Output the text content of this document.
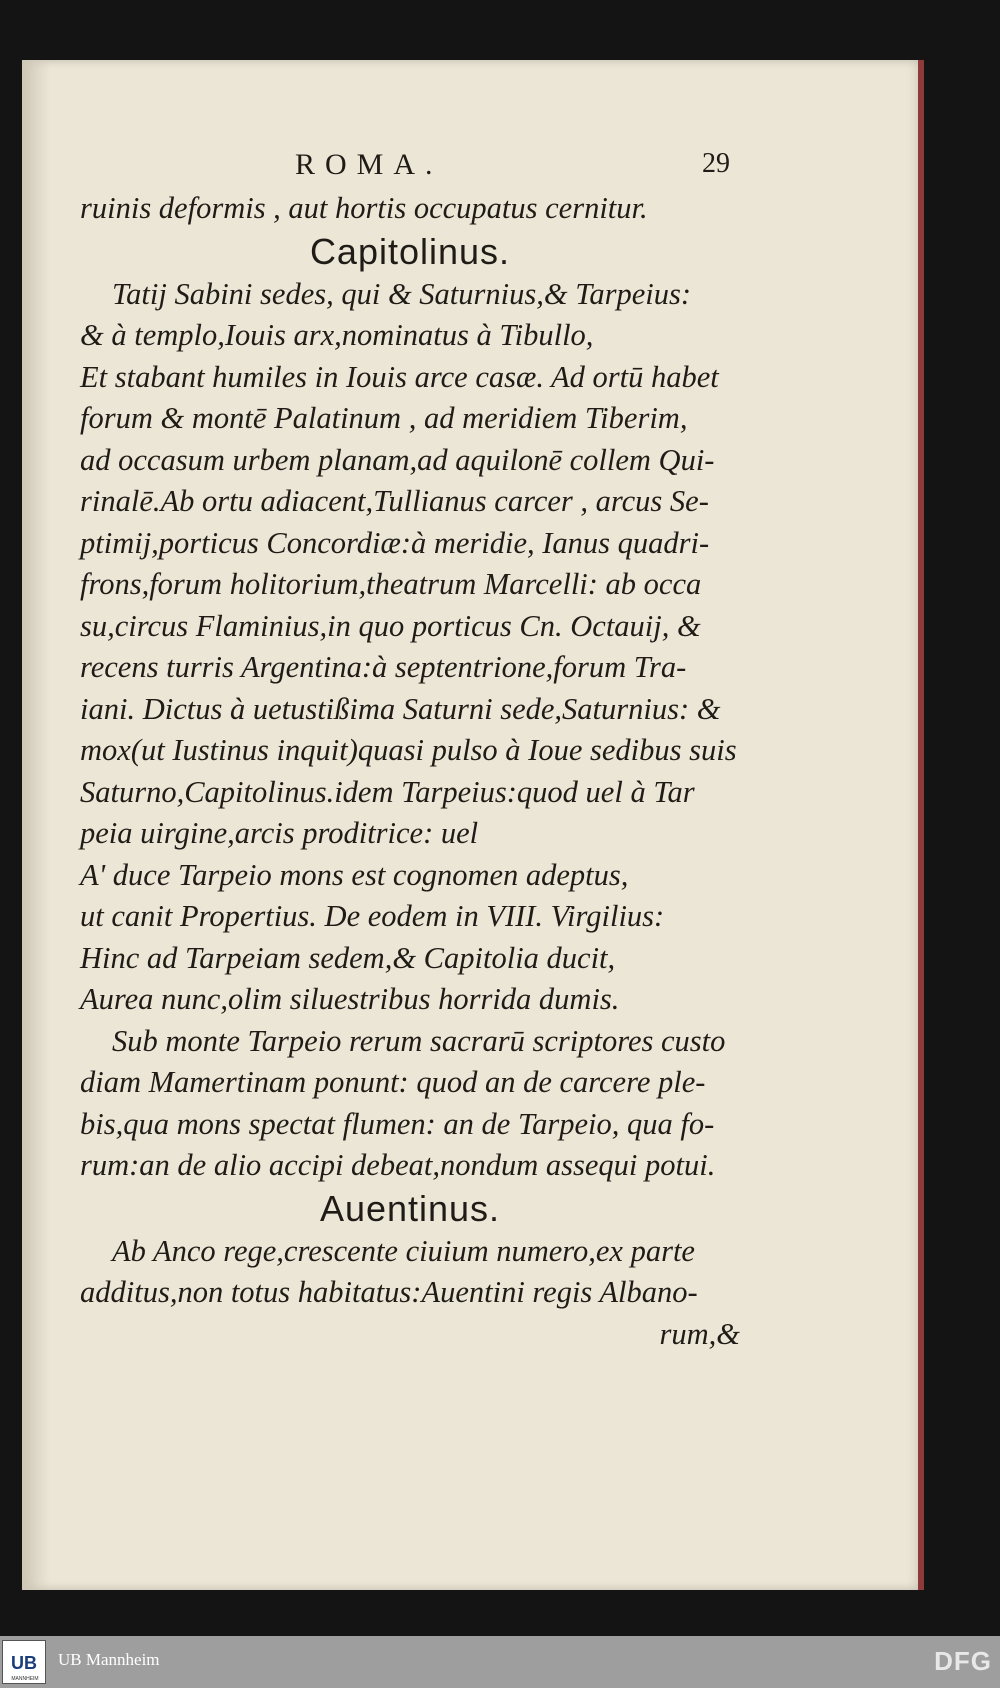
ROMA.	29
ruinis deformis , aut hortis occupatus cernitur.
Capitolinus.
Tatij Sabini sedes, qui & Saturnius,& Tarpeius:
& à templo,Iouis arx,nominatus à Tibullo,
Et stabant humiles in Iouis arce casæ. Ad ortū habet
forum & montē Palatinum , ad meridiem Tiberim,
ad occasum urbem planam,ad aquilonē collem Qui-
rinalē.Ab ortu adiacent,Tullianus carcer , arcus Se-
ptimij,porticus Concordiæ:à meridie, Ianus quadri-
frons,forum holitorium,theatrum Marcelli: ab occa
su,circus Flaminius,in quo porticus Cn. Octauij, &
recens turris Argentina:à septentrione,forum Tra-
iani. Dictus à uetustißima Saturni sede,Saturnius: &
mox(ut Iustinus inquit)quasi pulso à Ioue sedibus suis
Saturno,Capitolinus.idem Tarpeius:quod uel à Tar
peia uirgine,arcis proditrice: uel
A' duce Tarpeio mons est cognomen adeptus,
ut canit Propertius. De eodem in VIII. Virgilius:
Hinc ad Tarpeiam sedem,& Capitolia ducit,
Aurea nunc,olim siluestribus horrida dumis.
Sub monte Tarpeio rerum sacrarū scriptores custo
diam Mamertinam ponunt: quod an de carcere ple-
bis,qua mons spectat flumen: an de Tarpeio, qua fo-
rum:an de alio accipi debeat,nondum assequi potui.
Auentinus.
Ab Anco rege,crescente ciuium numero,ex parte
additus,non totus habitatus:Auentini regis Albano-
rum,&
UB
MANNHEIM
UB Mannheim	DFG
